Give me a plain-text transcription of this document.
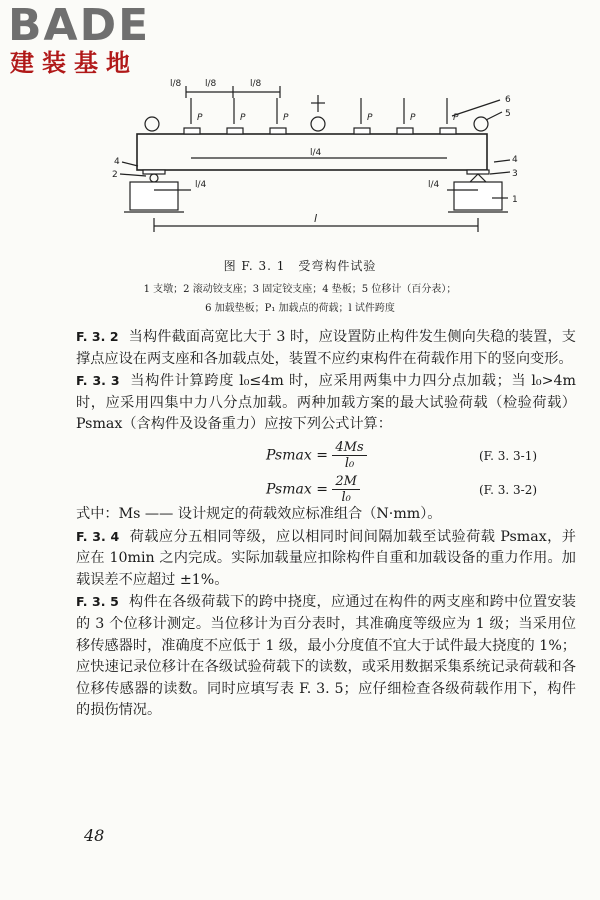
BADE
建装基地
l/8	l/8	l/8
l/4
l/4	l/4
l
P	P	P	P	P	P
1
2	3
4	4
5
6
图 F. 3. 1　受弯构件试验
1 支墩；2 滚动铰支座；3 固定铰支座；4 垫板；5 位移计（百分表）；
6 加载垫板；P₁ 加载点的荷载；l 试件跨度

F. 3. 2 当构件截面高宽比大于 3 时，应设置防止构件发生侧向失稳的装置，支撑点应设在两支座和各加载点处，装置不应约束构件在荷载作用下的竖向变形。

F. 3. 3 当构件计算跨度 l₀≤4m 时，应采用两集中力四分点加载；当 l₀>4m 时，应采用四集中力八分点加载。两种加载方案的最大试验荷载（检验荷载）Psmax（含构件及设备重力）应按下列公式计算：

$Psmax = \frac{4Ms}{\text{l₀}}$	(F. 3. 3-1)
$Psmax = \frac{2M}{\text{l₀}}$	(F. 3. 3-2)

式中：Ms —— 设计规定的荷载效应标准组合（N·mm）。

F. 3. 4 荷载应分五相同等级，应以相同时间间隔加载至试验荷载 Psmax，并应在 10min 之内完成。实际加载量应扣除构件自重和加载设备的重力作用。加载误差不应超过 ±1%。

F. 3. 5 构件在各级荷载下的跨中挠度，应通过在构件的两支座和跨中位置安装的 3 个位移计测定。当位移计为百分表时，其准确度等级应为 1 级；当采用位移传感器时，准确度不应低于 1 级，最小分度值不宜大于试件最大挠度的 1%；应快速记录位移计在各级试验荷载下的读数，或采用数据采集系统记录荷载和各位移传感器的读数。同时应填写表 F. 3. 5；应仔细检查各级荷载作用下，构件的损伤情况。

48
